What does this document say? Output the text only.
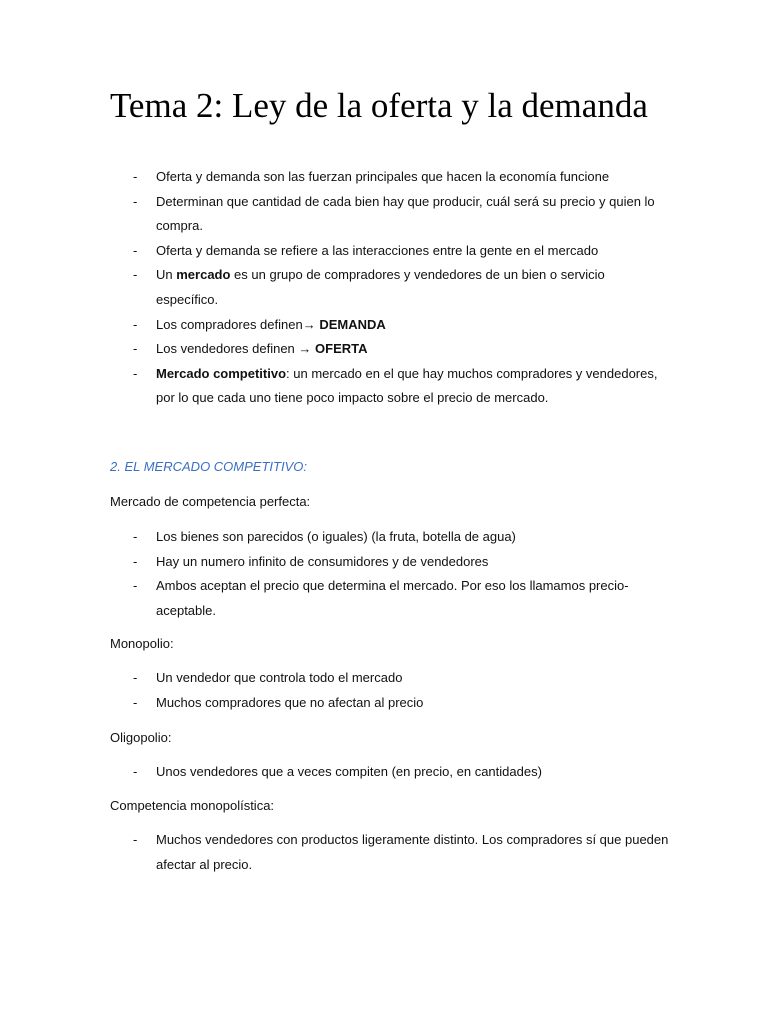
Tema 2: Ley de la oferta y la demanda
- Oferta y demanda son las fuerzan principales que hacen la economía funcione
- Determinan que cantidad de cada bien hay que producir, cuál será su precio y quien lo compra.
- Oferta y demanda se refiere a las interacciones entre la gente en el mercado
- Un mercado es un grupo de compradores y vendedores de un bien o servicio específico.
- Los compradores definen→ DEMANDA
- Los vendedores definen → OFERTA
- Mercado competitivo: un mercado en el que hay muchos compradores y vendedores, por lo que cada uno tiene poco impacto sobre el precio de mercado.
2. EL MERCADO COMPETITIVO:

Mercado de competencia perfecta:

- Los bienes son parecidos (o iguales) (la fruta, botella de agua)
- Hay un numero infinito de consumidores y de vendedores
- Ambos aceptan el precio que determina el mercado. Por eso los llamamos precio-aceptable.

Monopolio:

- Un vendedor que controla todo el mercado
- Muchos compradores que no afectan al precio

Oligopolio:

- Unos vendedores que a veces compiten (en precio, en cantidades)

Competencia monopolística:

- Muchos vendedores con productos ligeramente distinto. Los compradores sí que pueden afectar al precio.
